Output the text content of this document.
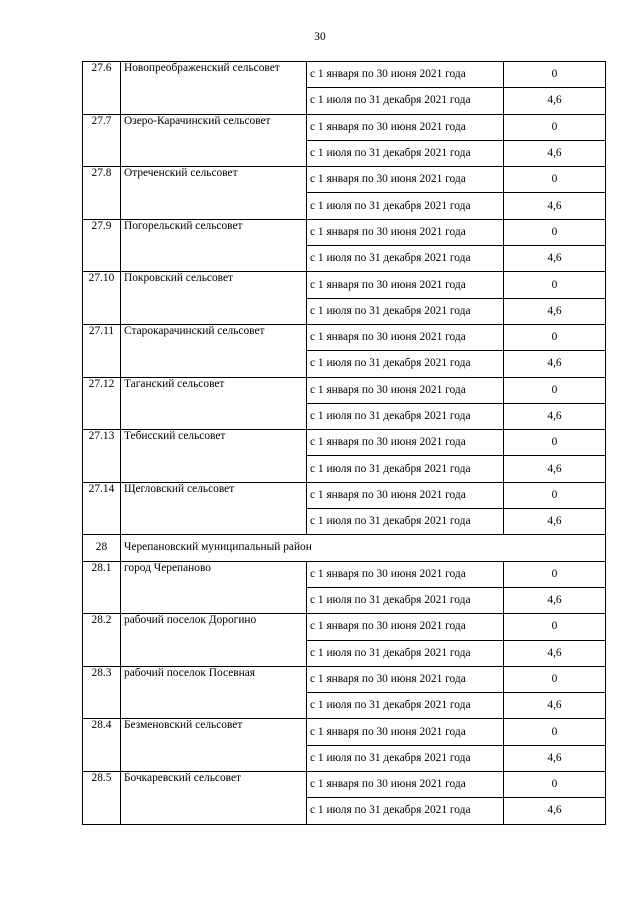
30
27.6	Новопреображенский сельсовет	с 1 января по 30 июня 2021 года	0
		с 1 июля по 31 декабря 2021 года	4,6
27.7	Озеро-Карачинский сельсовет	с 1 января по 30 июня 2021 года	0
		с 1 июля по 31 декабря 2021 года	4,6
27.8	Отреченский сельсовет	с 1 января по 30 июня 2021 года	0
		с 1 июля по 31 декабря 2021 года	4,6
27.9	Погорельский сельсовет	с 1 января по 30 июня 2021 года	0
		с 1 июля по 31 декабря 2021 года	4,6
27.10	Покровский сельсовет	с 1 января по 30 июня 2021 года	0
		с 1 июля по 31 декабря 2021 года	4,6
27.11	Старокарачинский сельсовет	с 1 января по 30 июня 2021 года	0
		с 1 июля по 31 декабря 2021 года	4,6
27.12	Таганский сельсовет	с 1 января по 30 июня 2021 года	0
		с 1 июля по 31 декабря 2021 года	4,6
27.13	Тебисский сельсовет	с 1 января по 30 июня 2021 года	0
		с 1 июля по 31 декабря 2021 года	4,6
27.14	Щегловский сельсовет	с 1 января по 30 июня 2021 года	0
		с 1 июля по 31 декабря 2021 года	4,6
28	Черепановский муниципальный район		
28.1	город Черепаново	с 1 января по 30 июня 2021 года	0
		с 1 июля по 31 декабря 2021 года	4,6
28.2	рабочий поселок Дорогино	с 1 января по 30 июня 2021 года	0
		с 1 июля по 31 декабря 2021 года	4,6
28.3	рабочий поселок Посевная	с 1 января по 30 июня 2021 года	0
		с 1 июля по 31 декабря 2021 года	4,6
28.4	Безменовский сельсовет	с 1 января по 30 июня 2021 года	0
		с 1 июля по 31 декабря 2021 года	4,6
28.5	Бочкаревский сельсовет	с 1 января по 30 июня 2021 года	0
		с 1 июля по 31 декабря 2021 года	4,6
